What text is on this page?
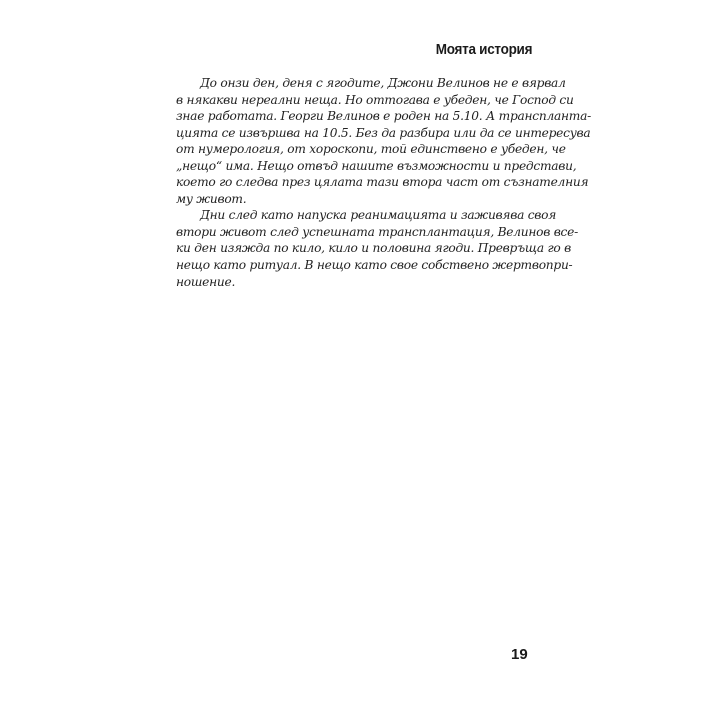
Моята история
До онзи ден, деня с ягодите, Джони Велинов не е вярвал
в някакви нереални неща. Но оттогава е убеден, че Господ си
знае работата. Георги Велинов е роден на 5.10. А транспланта-
цията се извършва на 10.5. Без да разбира или да се интересува
от нумерология, от хороскопи, той единствено е убеден, че
„нещо“ има. Нещо отвъд нашите възможности и представи,
което го следва през цялата тази втора част от съзнателния
му живот.
Дни след като напуска реанимацията и заживява своя
втори живот след успешната трансплантация, Велинов все-
ки ден изяжда по кило, кило и половина ягоди. Превръща го в
нещо като ритуал. В нещо като свое собствено жертвопри-
ношение.
19
